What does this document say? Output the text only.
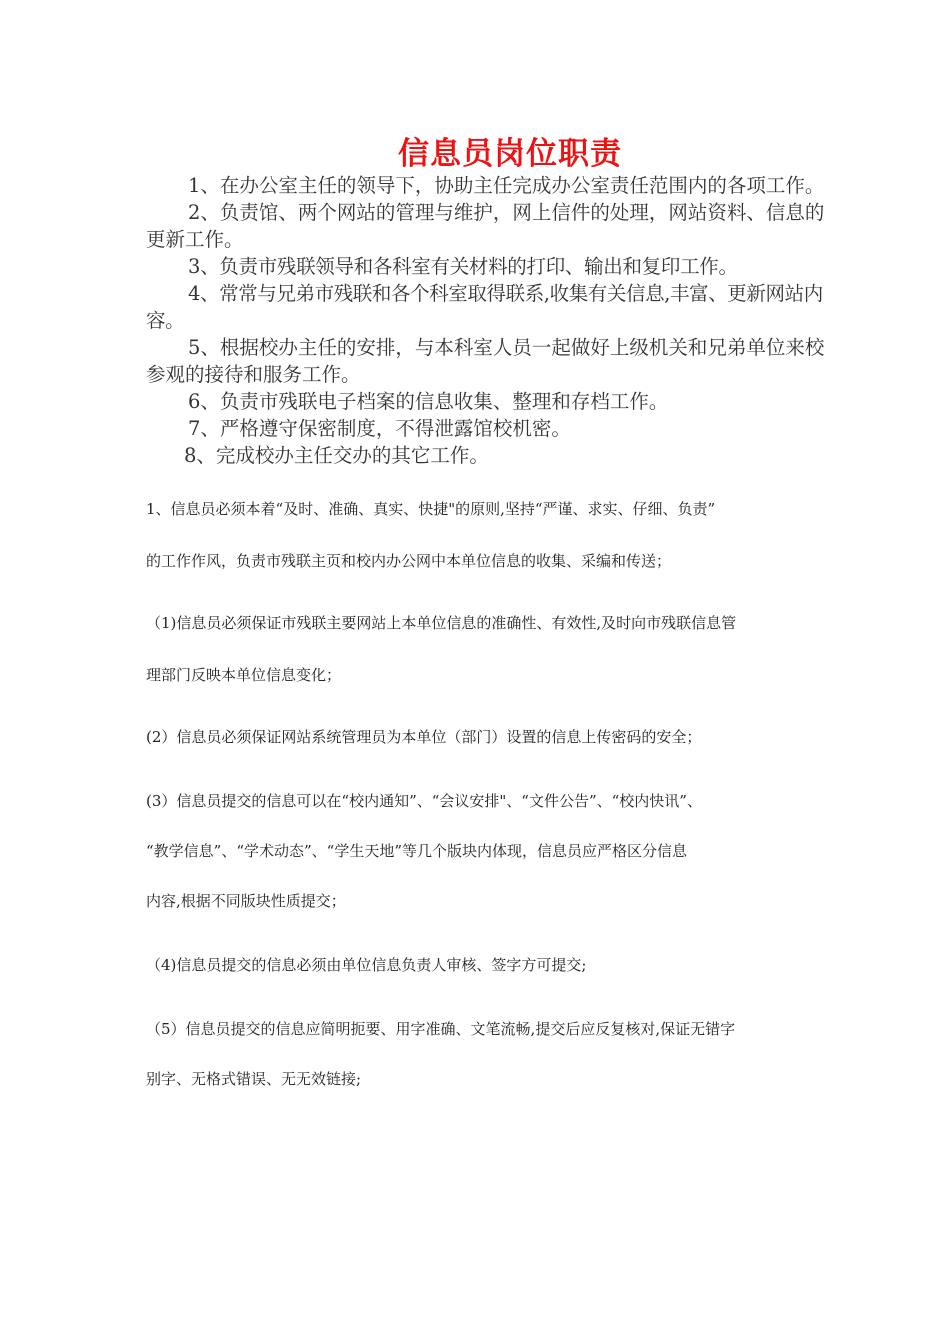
信息员岗位职责

1、在办公室主任的领导下，协助主任完成办公室责任范围内的各项工作。

2、负责馆、两个网站的管理与维护，网上信件的处理，网站资料、信息的更新工作。

3、负责市残联领导和各科室有关材料的打印、输出和复印工作。

4、常常与兄弟市残联和各个科室取得联系,收集有关信息,丰富、更新网站内容。

5、根据校办主任的安排，与本科室人员一起做好上级机关和兄弟单位来校参观的接待和服务工作。

6、负责市残联电子档案的信息收集、整理和存档工作。

7、严格遵守保密制度，不得泄露馆校机密。

8、完成校办主任交办的其它工作。

1、信息员必须本着“及时、准确、真实、快捷"的原则,坚持“严谨、求实、仔细、负责”
的工作作风，负责市残联主页和校内办公网中本单位信息的收集、采编和传送；
（1)信息员必须保证市残联主要网站上本单位信息的准确性、有效性,及时向市残联信息管
理部门反映本单位信息变化；
(2）信息员必须保证网站系统管理员为本单位（部门）设置的信息上传密码的安全；
(3）信息员提交的信息可以在“校内通知”、“会议安排"、“文件公告”、“校内快讯”、
“教学信息”、“学术动态”、“学生天地”等几个版块内体现，信息员应严格区分信息
内容,根据不同版块性质提交；
（4)信息员提交的信息必须由单位信息负责人审核、签字方可提交;
（5）信息员提交的信息应简明扼要、用字准确、文笔流畅,提交后应反复核对,保证无错字
别字、无格式错误、无无效链接;
